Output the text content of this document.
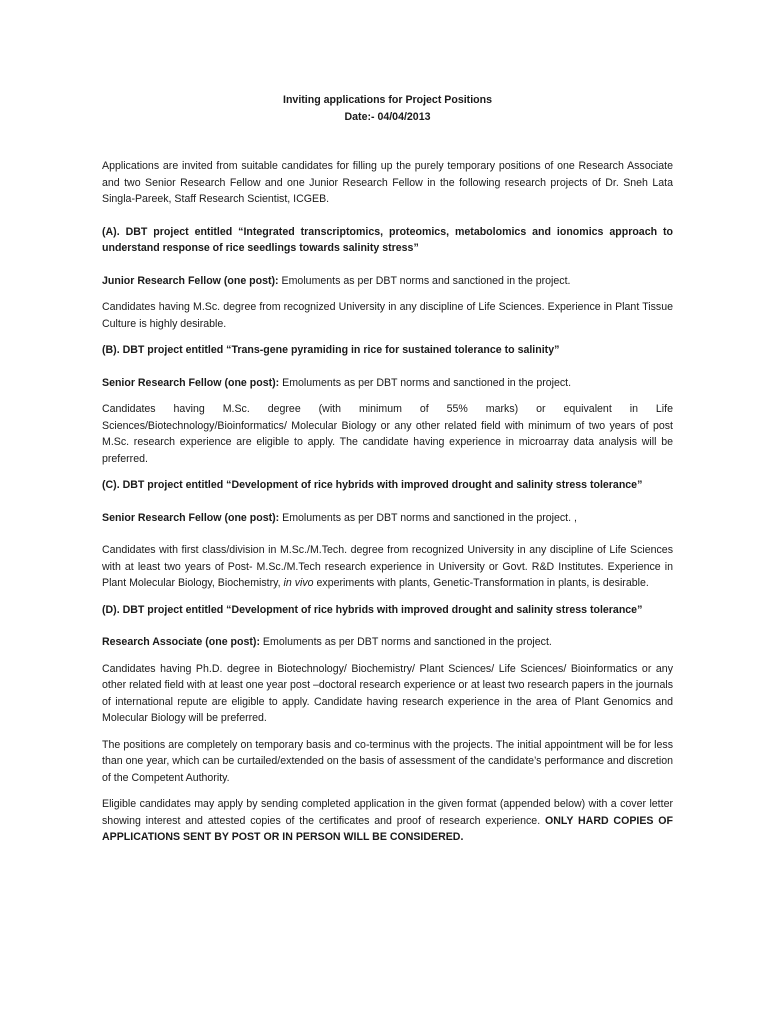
Inviting applications for Project Positions
Date:- 04/04/2013

Applications are invited from suitable candidates for filling up the purely temporary positions of one Research Associate and two Senior Research Fellow and one Junior Research Fellow in the following research projects of Dr. Sneh Lata Singla-Pareek, Staff Research Scientist, ICGEB.

(A). DBT project entitled “Integrated transcriptomics, proteomics, metabolomics and ionomics approach to understand response of rice seedlings towards salinity stress”

Junior Research Fellow (one post): Emoluments as per DBT norms and sanctioned in the project.

Candidates having M.Sc. degree from recognized University in any discipline of Life Sciences. Experience in Plant Tissue Culture is highly desirable.

(B). DBT project entitled “Trans-gene pyramiding in rice for sustained tolerance to salinity”

Senior Research Fellow (one post): Emoluments as per DBT norms and sanctioned in the project.

Candidates having M.Sc. degree (with minimum of 55% marks) or equivalent in Life Sciences/Biotechnology/Bioinformatics/ Molecular Biology or any other related field with minimum of two years of post M.Sc. research experience are eligible to apply. The candidate having experience in microarray data analysis will be preferred.

(C). DBT project entitled “Development of rice hybrids with improved drought and salinity stress tolerance”

Senior Research Fellow (one post): Emoluments as per DBT norms and sanctioned in the project. ,

Candidates with first class/division in M.Sc./M.Tech. degree from recognized University in any discipline of Life Sciences with at least two years of Post- M.Sc./M.Tech research experience in University or Govt. R&D Institutes. Experience in Plant Molecular Biology, Biochemistry, in vivo experiments with plants, Genetic-Transformation in plants, is desirable.

(D). DBT project entitled “Development of rice hybrids with improved drought and salinity stress tolerance”

Research Associate (one post): Emoluments as per DBT norms and sanctioned in the project.

Candidates having Ph.D. degree in Biotechnology/ Biochemistry/ Plant Sciences/ Life Sciences/ Bioinformatics or any other related field with at least one year post –doctoral research experience or at least two research papers in the journals of international repute are eligible to apply. Candidate having research experience in the area of Plant Genomics and Molecular Biology will be preferred.

The positions are completely on temporary basis and co-terminus with the projects. The initial appointment will be for less than one year, which can be curtailed/extended on the basis of assessment of the candidate’s performance and discretion of the Competent Authority.

Eligible candidates may apply by sending completed application in the given format (appended below) with a cover letter showing interest and attested copies of the certificates and proof of research experience. ONLY HARD COPIES OF APPLICATIONS SENT BY POST OR IN PERSON WILL BE CONSIDERED.
